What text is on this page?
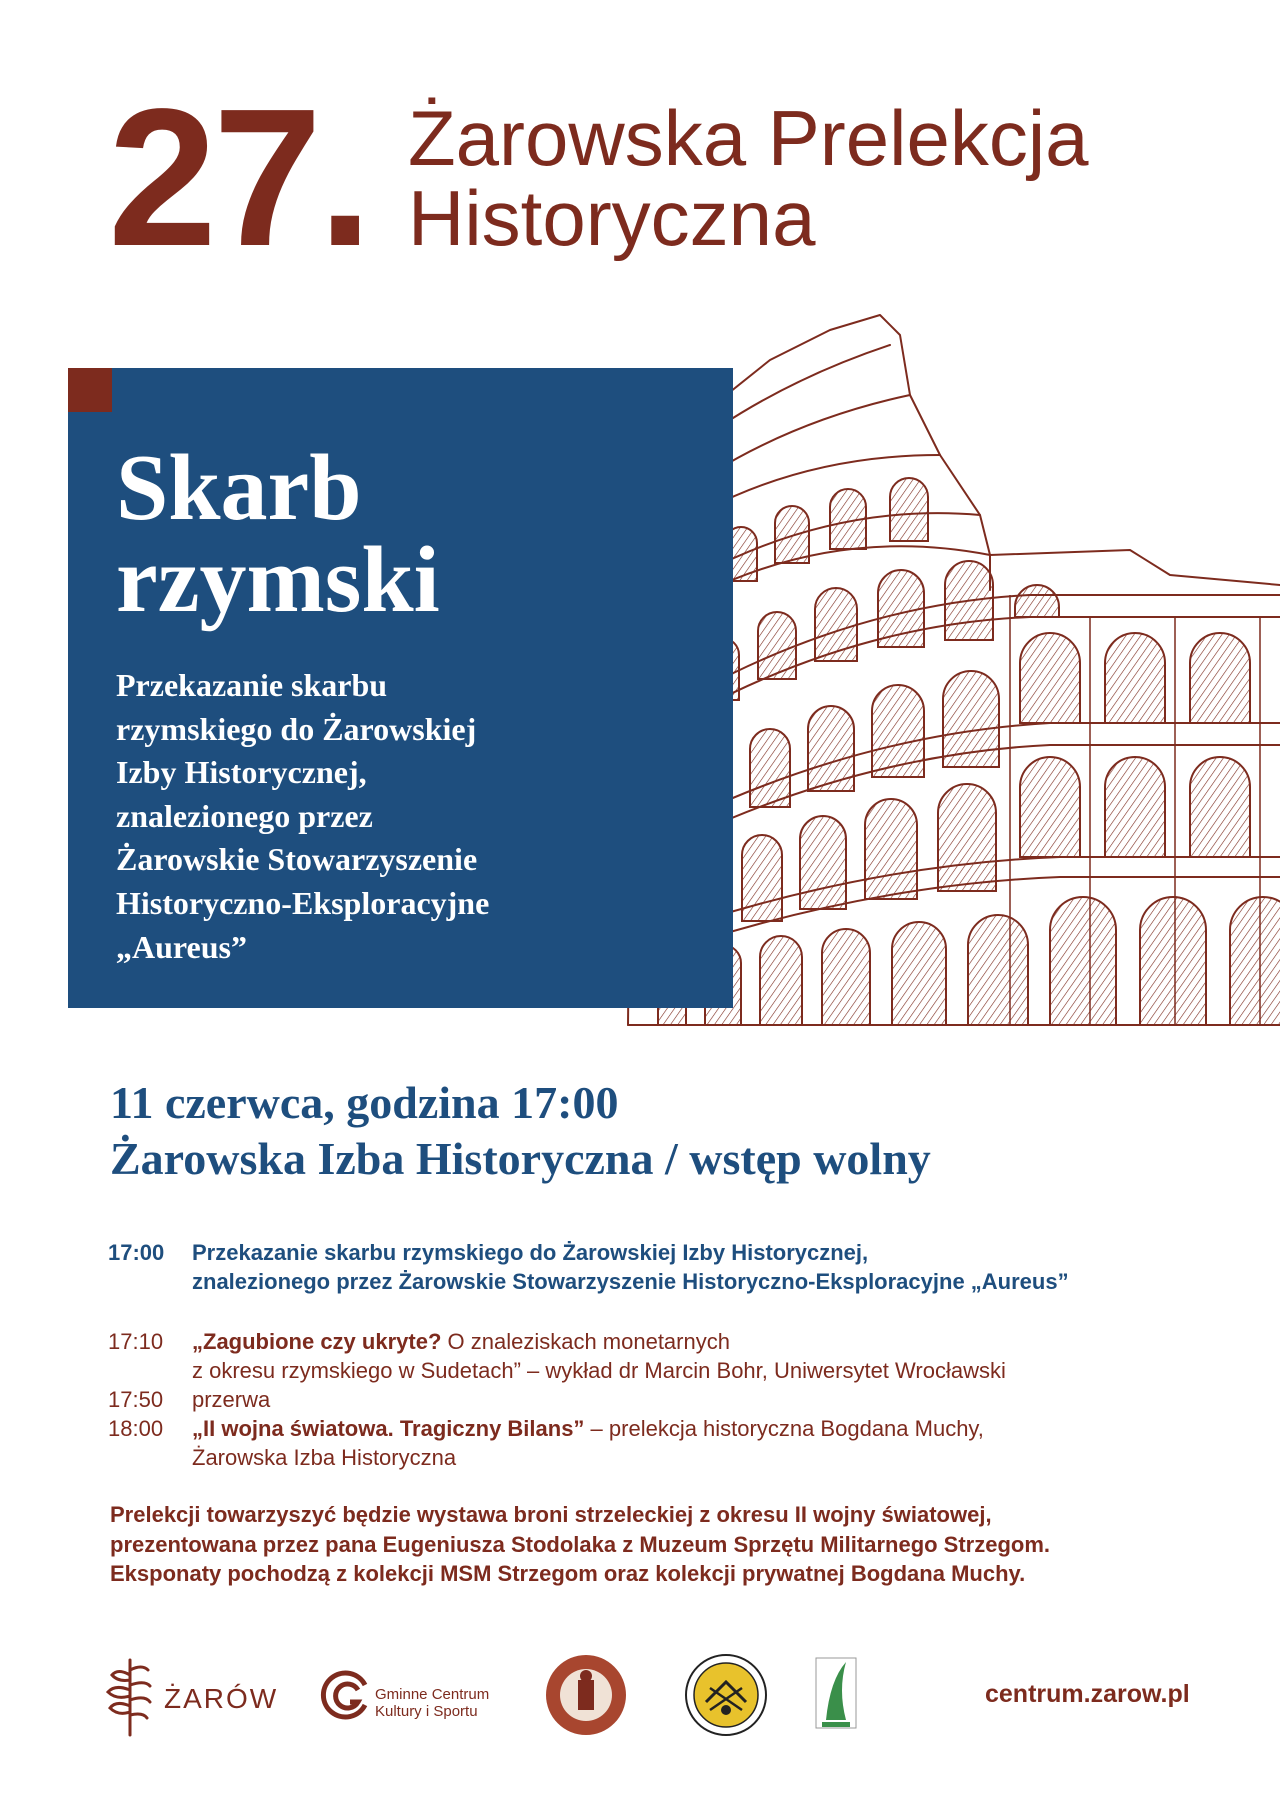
27. Żarowska Prelekcja
Historyczna
Skarb
rzymski
Przekazanie skarbu
rzymskiego do Żarowskiej
Izby Historycznej,
znalezionego przez
Żarowskie Stowarzyszenie
Historyczno-Eksploracyjne
„Aureus”
11 czerwca, godzina 17:00
Żarowska Izba Historyczna / wstęp wolny
17:00	Przekazanie skarbu rzymskiego do Żarowskiej Izby Historycznej,
znalezionego przez Żarowskie Stowarzyszenie Historyczno-Eksploracyjne „Aureus”
17:10	„Zagubione czy ukryte? O znaleziskach monetarnych
z okresu rzymskiego w Sudetach” – wykład dr Marcin Bohr, Uniwersytet Wrocławski
17:50	przerwa
18:00	„II wojna światowa. Tragiczny Bilans” – prelekcja historyczna Bogdana Muchy,
Żarowska Izba Historyczna
Prelekcji towarzyszyć będzie wystawa broni strzeleckiej z okresu II wojny światowej,
prezentowana przez pana Eugeniusza Stodolaka z Muzeum Sprzętu Militarnego Strzegom.
Eksponaty pochodzą z kolekcji MSM Strzegom oraz kolekcji prywatnej Bogdana Muchy.
ŻARÓW	Gminne Centrum
Kultury i Sportu
centrum.zarow.pl
